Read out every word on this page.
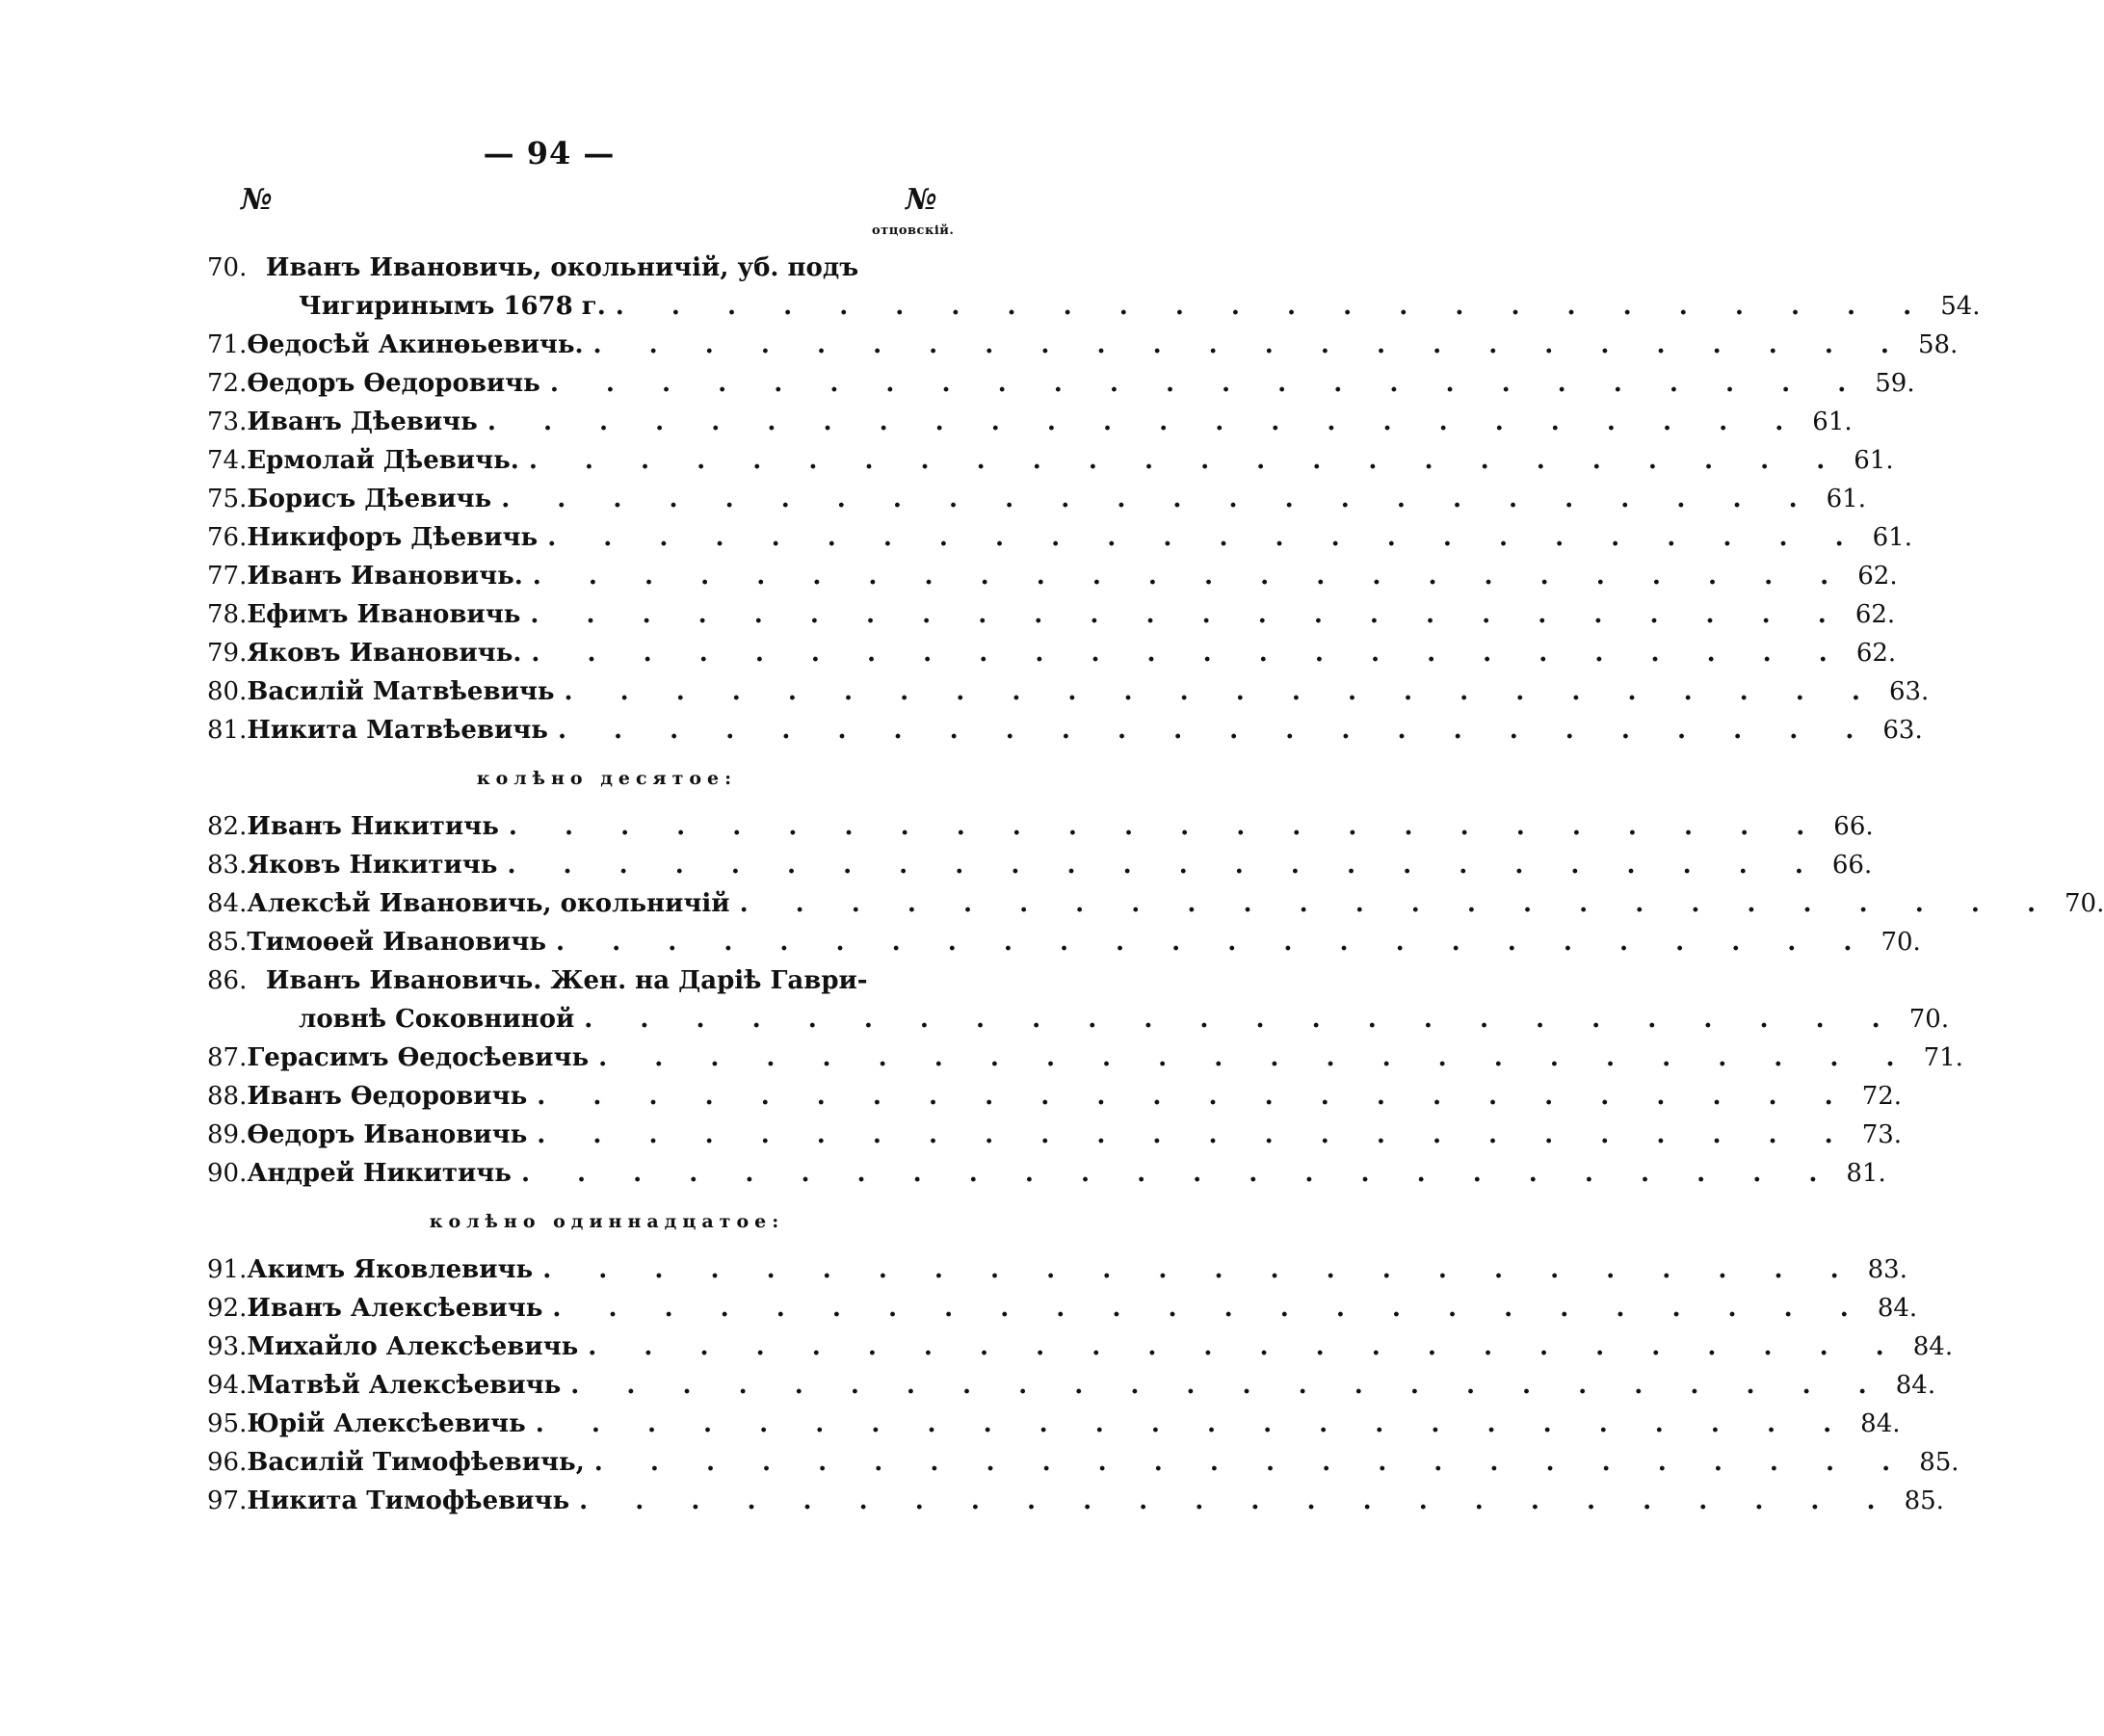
— 94 —
№	№
отцовскій.
70. Иванъ Ивановичь, окольничій, уб. подъ
Чигиринымъ 1678 г. . . . . . . . . . . . . . . . . . . . . . . . . 54.
71. Өедосѣй Акинөьевичь. . . . . . . . . . . . . . . . . . . . . . . . . 58.
72. Өедоръ Өедоровичь . . . . . . . . . . . . . . . . . . . . . . . . 59.
73. Иванъ Дѣевичь . . . . . . . . . . . . . . . . . . . . . . . . 61.
74. Ермолай Дѣевичь. . . . . . . . . . . . . . . . . . . . . . . . . 61.
75. Борисъ Дѣевичь . . . . . . . . . . . . . . . . . . . . . . . . 61.
76. Никифоръ Дѣевичь . . . . . . . . . . . . . . . . . . . . . . . . 61.
77. Иванъ Ивановичь. . . . . . . . . . . . . . . . . . . . . . . . . 62.
78. Ефимъ Ивановичь . . . . . . . . . . . . . . . . . . . . . . . . 62.
79. Яковъ Ивановичь. . . . . . . . . . . . . . . . . . . . . . . . . 62.
80. Василій Матвѣевичь . . . . . . . . . . . . . . . . . . . . . . . . 63.
81. Никита Матвѣевичь . . . . . . . . . . . . . . . . . . . . . . . . 63.
колѣно десятое:
82. Иванъ Никитичь . . . . . . . . . . . . . . . . . . . . . . . . 66.
83. Яковъ Никитичь . . . . . . . . . . . . . . . . . . . . . . . . 66.
84. Алексѣй Ивановичь, окольничій . . . . . . . . . . . . . . . . . . . . . . . . 70.
85. Тимоөей Ивановичь . . . . . . . . . . . . . . . . . . . . . . . . 70.
86. Иванъ Ивановичь. Жен. на Дарiѣ Гаври-
ловнѣ Соковниной . . . . . . . . . . . . . . . . . . . . . . . . 70.
87. Герасимъ Өедосѣевичь . . . . . . . . . . . . . . . . . . . . . . . . 71.
88. Иванъ Өедоровичь . . . . . . . . . . . . . . . . . . . . . . . . 72.
89. Өедоръ Ивановичь . . . . . . . . . . . . . . . . . . . . . . . . 73.
90. Андрей Никитичь . . . . . . . . . . . . . . . . . . . . . . . . 81.
колѣно одиннадцатое:
91. Акимъ Яковлевичь . . . . . . . . . . . . . . . . . . . . . . . . 83.
92. Иванъ Алексѣевичь . . . . . . . . . . . . . . . . . . . . . . . . 84.
93. Михайло Алексѣевичь . . . . . . . . . . . . . . . . . . . . . . . . 84.
94. Матвѣй Алексѣевичь . . . . . . . . . . . . . . . . . . . . . . . . 84.
95. Юрій Алексѣевичь . . . . . . . . . . . . . . . . . . . . . . . . 84.
96. Василій Тимофѣевичь, . . . . . . . . . . . . . . . . . . . . . . . . 85.
97. Никита Тимофѣевичь . . . . . . . . . . . . . . . . . . . . . . . . 85.
